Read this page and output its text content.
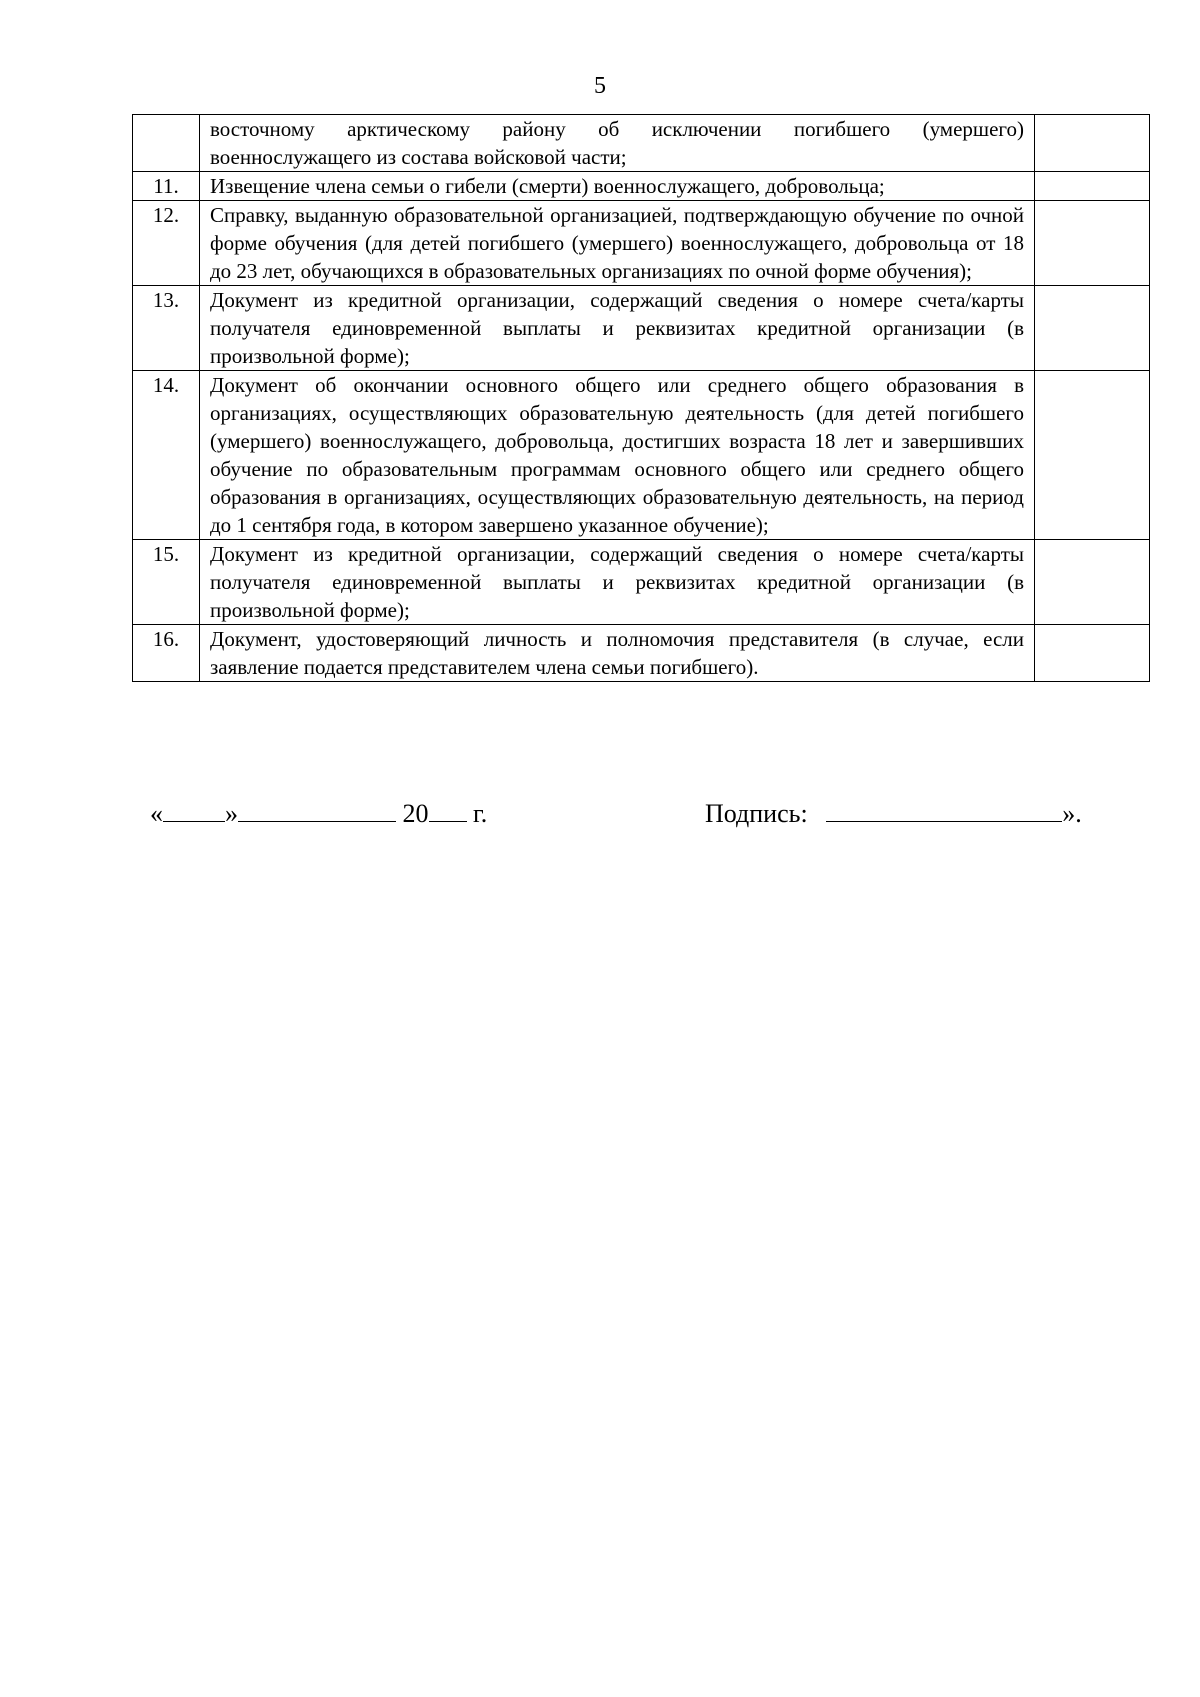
5
	восточному арктическому району об исключении погибшего (умершего) военнослужащего из состава войсковой части;	
11.	Извещение члена семьи о гибели (смерти) военнослужащего, добровольца;	
12.	Справку, выданную образовательной организацией, подтверждающую обучение по очной форме обучения (для детей погибшего (умершего) военнослужащего, добровольца от 18 до 23 лет, обучающихся в образовательных организациях по очной форме обучения);	
13.	Документ из кредитной организации, содержащий сведения о номере счета/карты получателя единовременной выплаты и реквизитах кредитной организации (в произвольной форме);	
14.	Документ об окончании основного общего или среднего общего образования в организациях, осуществляющих образовательную деятельность (для детей погибшего (умершего) военнослужащего, добровольца, достигших возраста 18 лет и завершивших обучение по образовательным программам основного общего или среднего общего образования в организациях, осуществляющих образовательную деятельность, на период до 1 сентября года, в котором завершено указанное обучение);	
15.	Документ из кредитной организации, содержащий сведения о номере счета/карты получателя единовременной выплаты и реквизитах кредитной организации (в произвольной форме);	
16.	Документ, удостоверяющий личность и полномочия представителя (в случае, если заявление подается представителем члена семьи погибшего).	
« »	20 г.	Подпись:	».
